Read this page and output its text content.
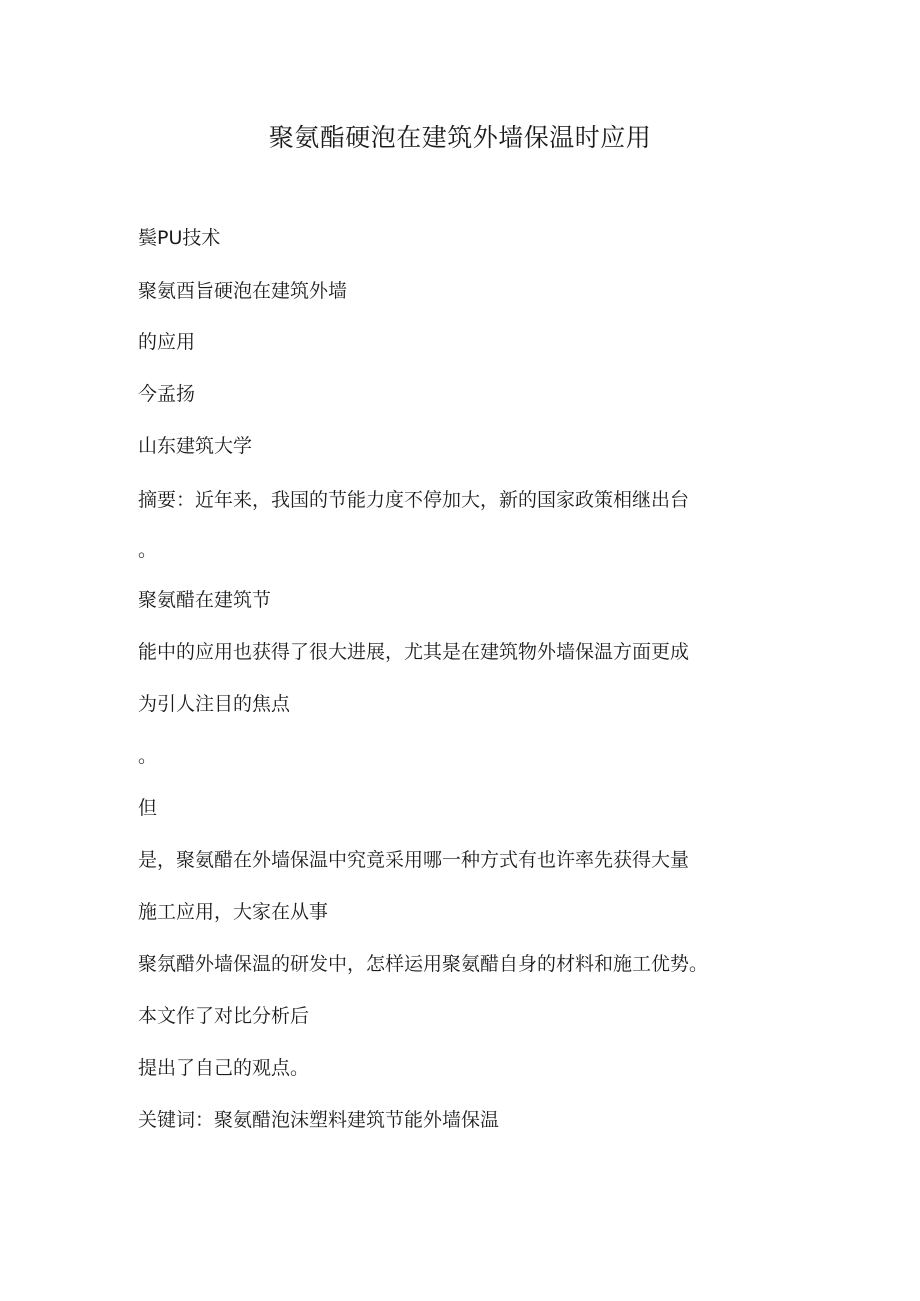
聚氨酯硬泡在建筑外墙保温时应用

鬓PU技术

聚氨酉旨硬泡在建筑外墙

的应用

今孟扬

山东建筑大学

摘要：近年来，我国的节能力度不停加大，新的国家政策相继出台

。

聚氨醋在建筑节

能中的应用也获得了很大进展，尤其是在建筑物外墙保温方面更成

为引人注目的焦点

。

但

是，聚氨醋在外墙保温中究竟采用哪一种方式有也许率先获得大量

施工应用，大家在从事

聚氛醋外墙保温的研发中，怎样运用聚氨醋自身的材料和施工优势。

本文作了对比分析后

提出了自己的观点。

关键词：聚氨醋泡沫塑料建筑节能外墙保温
